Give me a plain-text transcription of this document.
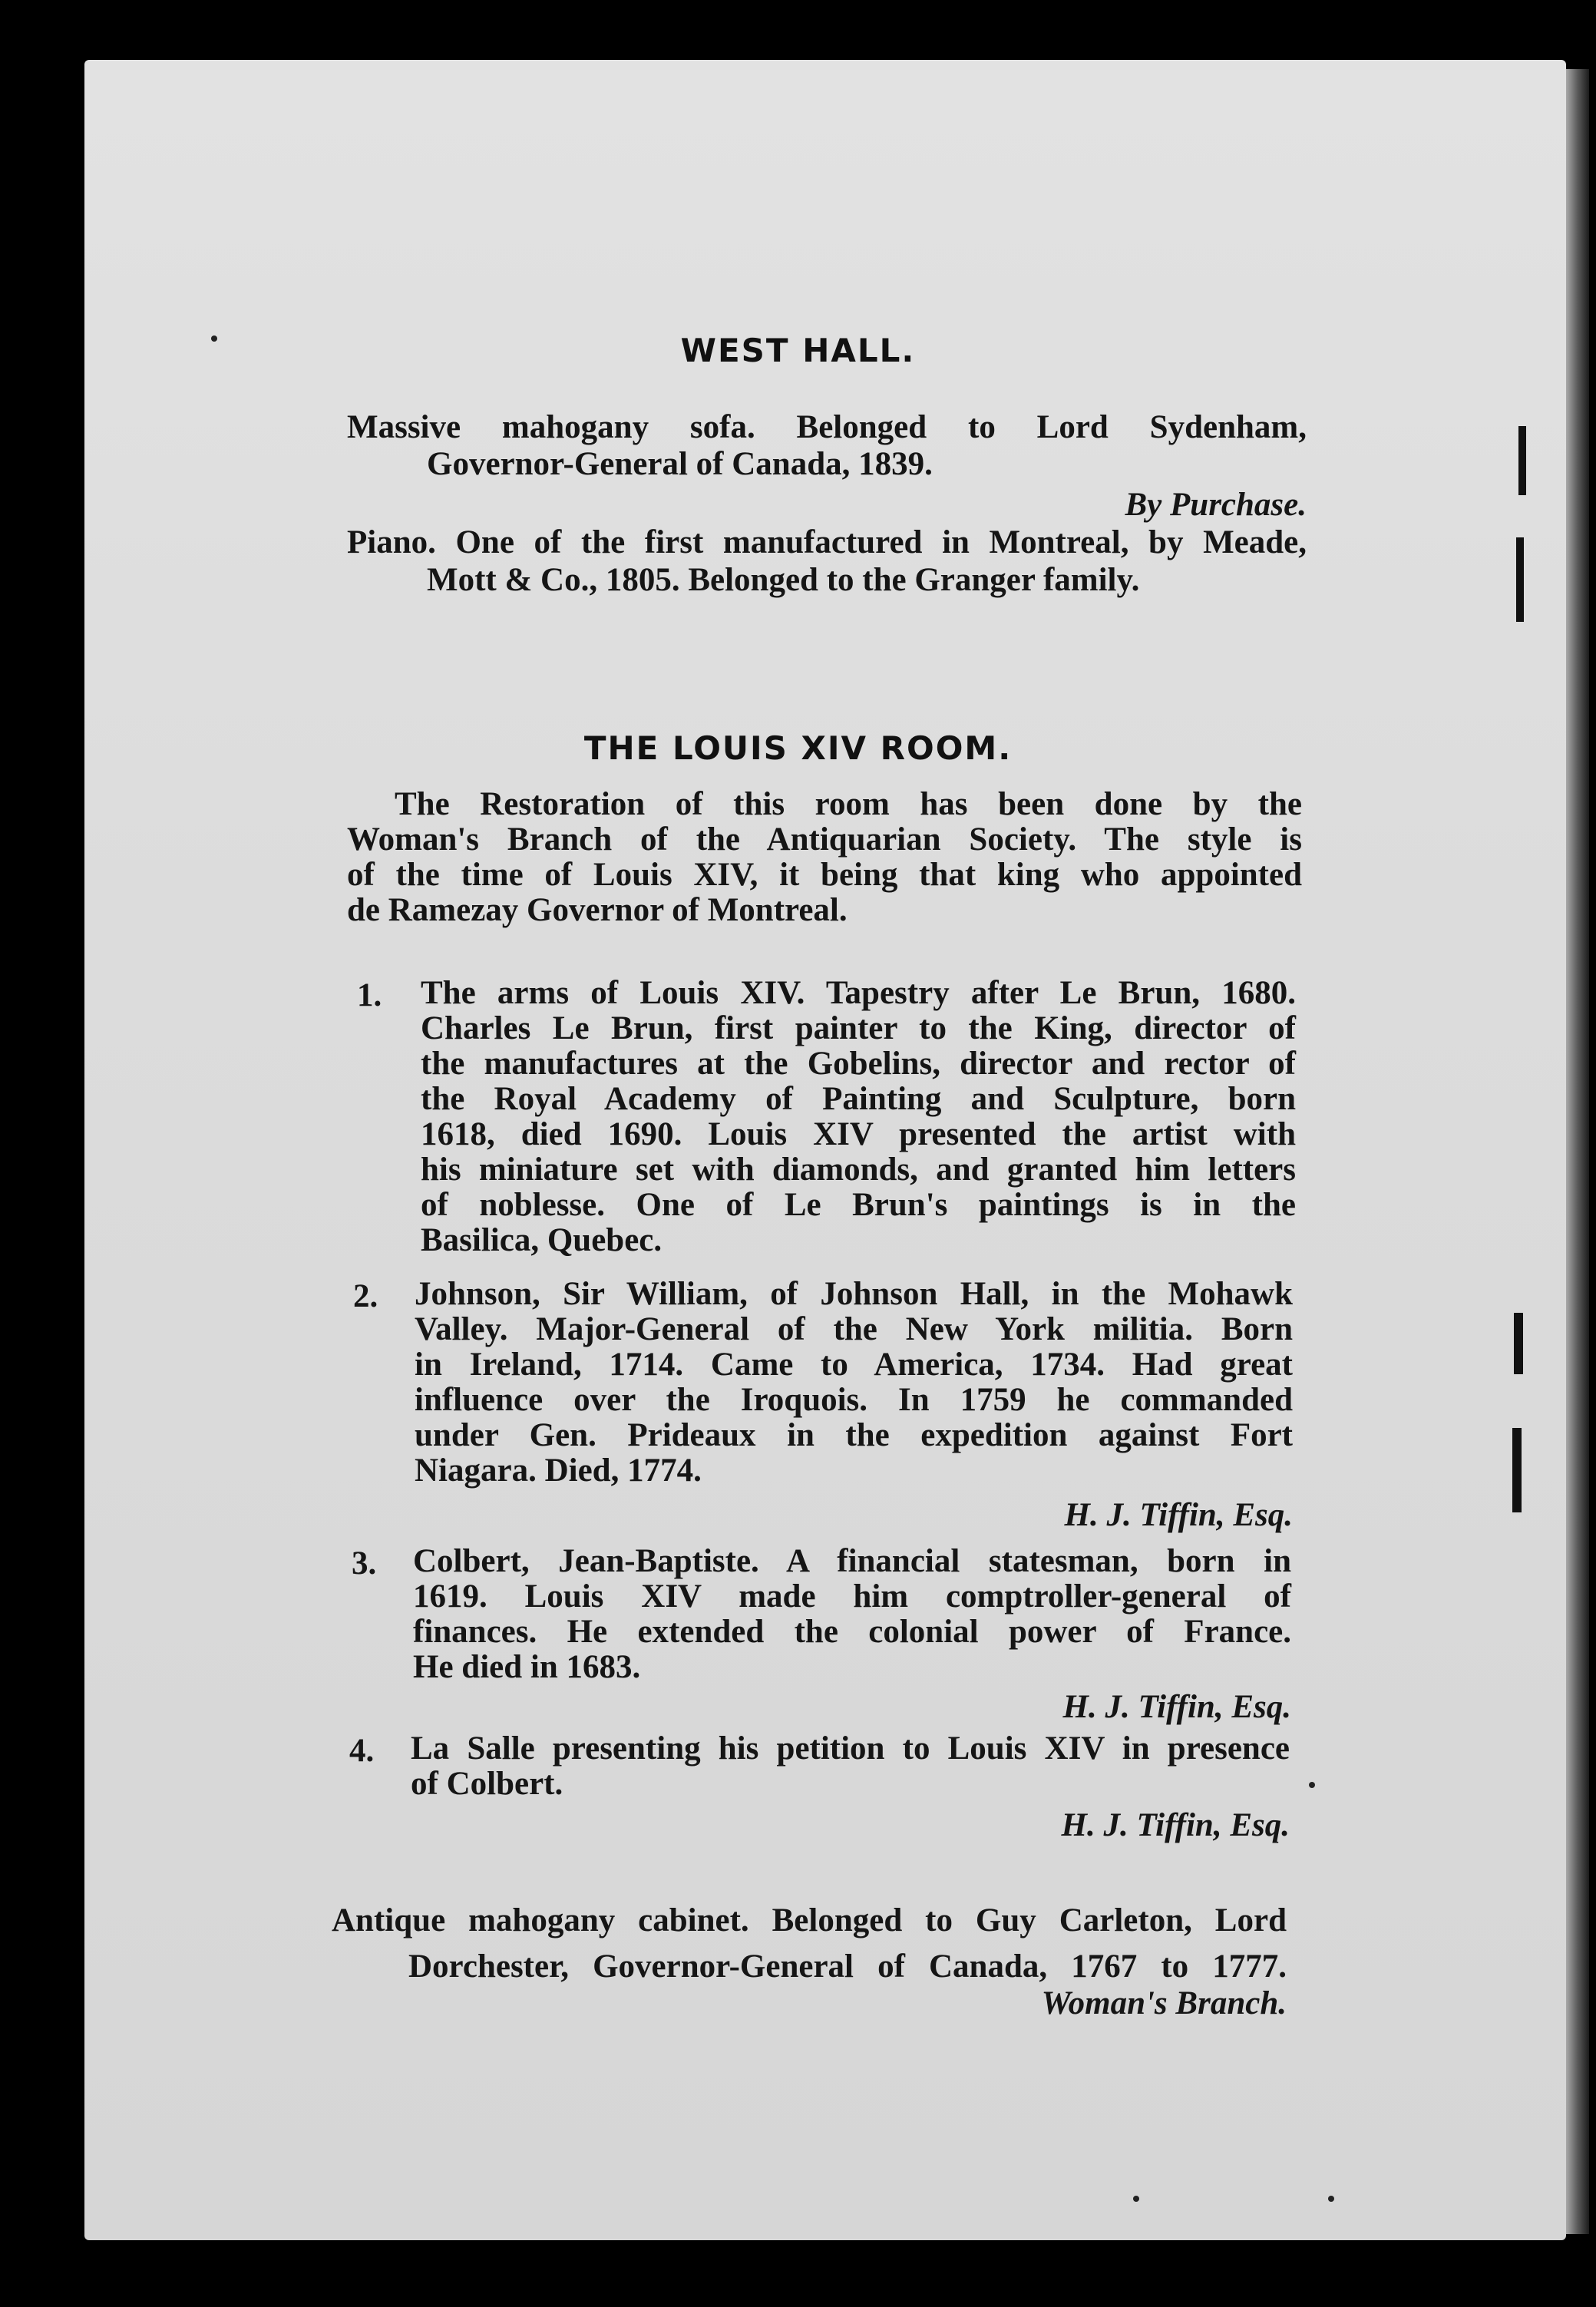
WEST HALL.
Massive mahogany sofa. Belonged to Lord Sydenham,
Governor-General of Canada, 1839.
By Purchase.
Piano. One of the first manufactured in Montreal, by Meade,
Mott & Co., 1805. Belonged to the Granger family.
THE LOUIS XIV ROOM.
The Restoration of this room has been done by the
Woman's Branch of the Antiquarian Society. The style is
of the time of Louis XIV, it being that king who appointed
de Ramezay Governor of Montreal.
1. The arms of Louis XIV. Tapestry after Le Brun, 1680.
Charles Le Brun, first painter to the King, director of
the manufactures at the Gobelins, director and rector of
the Royal Academy of Painting and Sculpture, born
1618, died 1690. Louis XIV presented the artist with
his miniature set with diamonds, and granted him letters
of noblesse. One of Le Brun's paintings is in the
Basilica, Quebec.
2. Johnson, Sir William, of Johnson Hall, in the Mohawk
Valley. Major-General of the New York militia. Born
in Ireland, 1714. Came to America, 1734. Had great
influence over the Iroquois. In 1759 he commanded
under Gen. Prideaux in the expedition against Fort
Niagara. Died, 1774.
H. J. Tiffin, Esq.
3. Colbert, Jean-Baptiste. A financial statesman, born in
1619. Louis XIV made him comptroller-general of
finances. He extended the colonial power of France.
He died in 1683.
H. J. Tiffin, Esq.
4. La Salle presenting his petition to Louis XIV in presence
of Colbert.
H. J. Tiffin, Esq.
Antique mahogany cabinet. Belonged to Guy Carleton, Lord
Dorchester, Governor-General of Canada, 1767 to 1777.
Woman's Branch.
